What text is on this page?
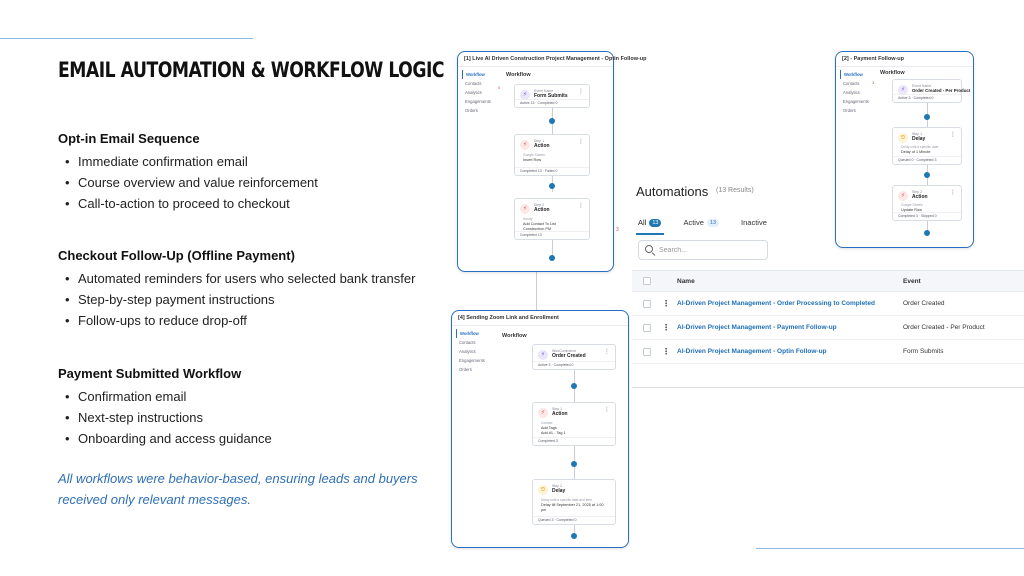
EMAIL AUTOMATION & WORKFLOW LOGIC
Opt-in Email Sequence
• Immediate confirmation email
• Course overview and value reinforcement
• Call-to-action to proceed to checkout
Checkout Follow-Up (Offline Payment)
• Automated reminders for users who selected bank transfer
• Step-by-step payment instructions
• Follow-ups to reduce drop-off
Payment Submitted Workflow
• Confirmation email
• Next-step instructions
• Onboarding and access guidance
All workflows were behavior-based, ensuring leads and buyers received only relevant messages.
[1] Live AI Driven Construction Project Management - Optin Follow-up
Workflow
Contacts
Analytics
Engagements
Orders
5
Workflow
⚡
Event Name
Form Submits
⋮
Active 13 · Completed 0
⚡
Step 1
Action
⋮
Google Sheets
Insert Row
Completed 13 · Failed 0
⚡
Step 2
Action
⋮
Sendy
Add Contact To List
Construction PM
Completed 13
3
Automations (13 Results)
All	13	Active	13	Inactive
Search...
Name	Event
⋮ AI-Driven Project Management - Order Processing to Completed	Order Created
⋮ AI-Driven Project Management - Payment Follow-up	Order Created - Per Product
⋮ AI-Driven Project Management - Optin Follow-up	Form Submits
[2] - Payment Follow-up
Workflow
Contacts
Analytics
Engagements
Orders
3
Workflow
⚡
Event Name
Order Created - Per Product
Active 3 · Completed 0
⏲
Step 1
Delay
⋮
Delay until a specific date
Delay of 1 Minute
Queued 0 · Completed 3
⚡
Step 2
Action
⋮
Google Sheets
Update Row
Completed 3 · Skipped 0
[4] Sending Zoom Link and Enrollment
Workflow
Contacts
Analytics
Engagements
Orders
Workflow
⚡
WooCommerce
Order Created
⋮
Active 3 · Completed 0
⚡
Step 1
Action
⋮
Contact
Add Tags
Add #1 - Tag 1
Completed 3
⏲
Step 2
Delay
Delay until a specific date and time
Delay till September 21, 2025 at 1:00
pm
Queued 3 · Completed 0
